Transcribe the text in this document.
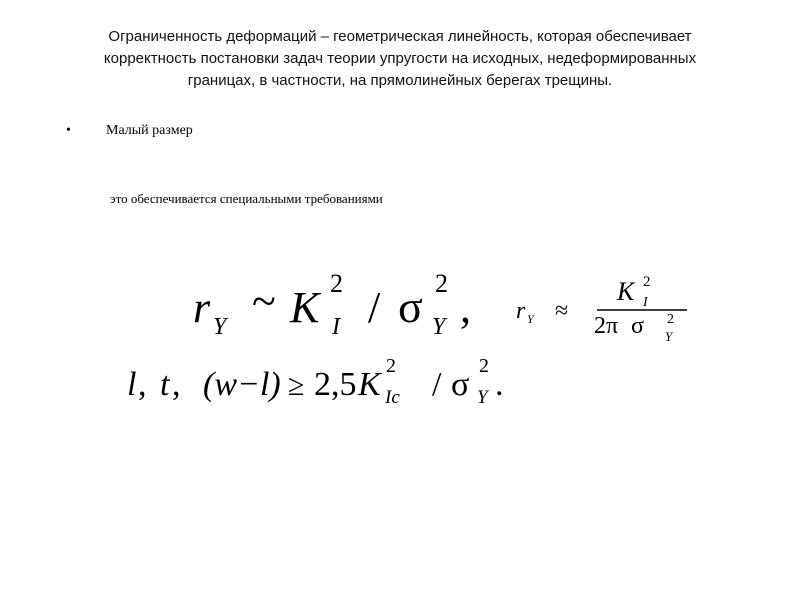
Ограниченность деформаций – геометрическая линейность, которая обеспечивает
корректность постановки задач теории упругости на исходных, недеформированных
границах, в частности, на прямолинейных берегах трещины.
•	Малый размер
это обеспечивается специальными требованиями
r Y
~ K 2
I / σ 2
Y , r Y ≈
K 2
I
2π σ 2
Y
l , t , (w−l) ≥ 2,5 K 2
Ic / σ 2
Y .
